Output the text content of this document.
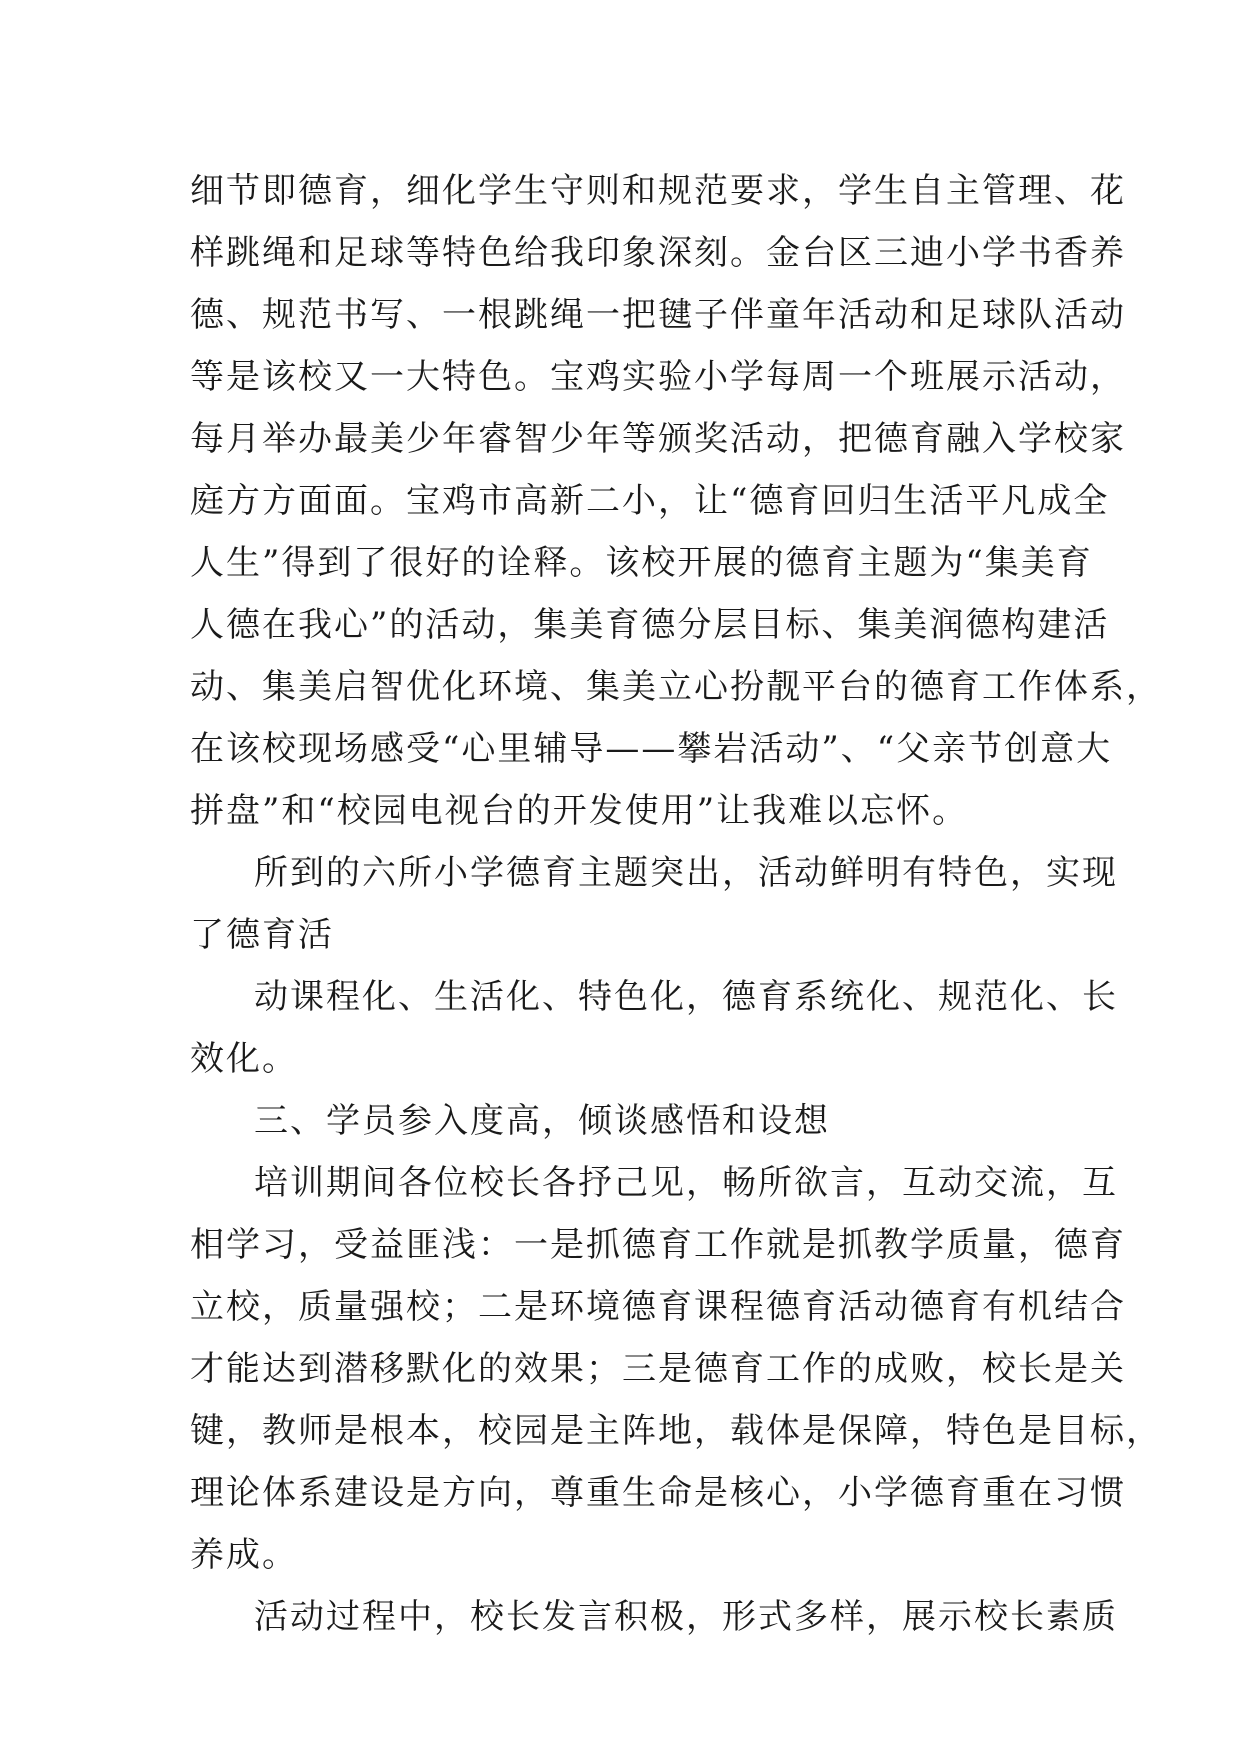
细节即德育，细化学生守则和规范要求，学生自主管理、花
样跳绳和足球等特色给我印象深刻。金台区三迪小学书香养
德、规范书写、一根跳绳一把毽子伴童年活动和足球队活动
等是该校又一大特色。宝鸡实验小学每周一个班展示活动，
每月举办最美少年睿智少年等颁奖活动，把德育融入学校家
庭方方面面。宝鸡市高新二小，让“德育回归生活平凡成全
人生”得到了很好的诠释。该校开展的德育主题为“集美育
人德在我心”的活动，集美育德分层目标、集美润德构建活
动、集美启智优化环境、集美立心扮靓平台的德育工作体系，
在该校现场感受“心里辅导——攀岩活动”、“父亲节创意大
拼盘”和“校园电视台的开发使用”让我难以忘怀。
所到的六所小学德育主题突出，活动鲜明有特色，实现
了德育活
动课程化、生活化、特色化，德育系统化、规范化、长
效化。
三、学员参入度高，倾谈感悟和设想
培训期间各位校长各抒己见，畅所欲言，互动交流，互
相学习，受益匪浅：一是抓德育工作就是抓教学质量，德育
立校，质量强校；二是环境德育课程德育活动德育有机结合
才能达到潜移默化的效果；三是德育工作的成败，校长是关
键，教师是根本，校园是主阵地，载体是保障，特色是目标，
理论体系建设是方向，尊重生命是核心，小学德育重在习惯
养成。
活动过程中，校长发言积极，形式多样，展示校长素质
